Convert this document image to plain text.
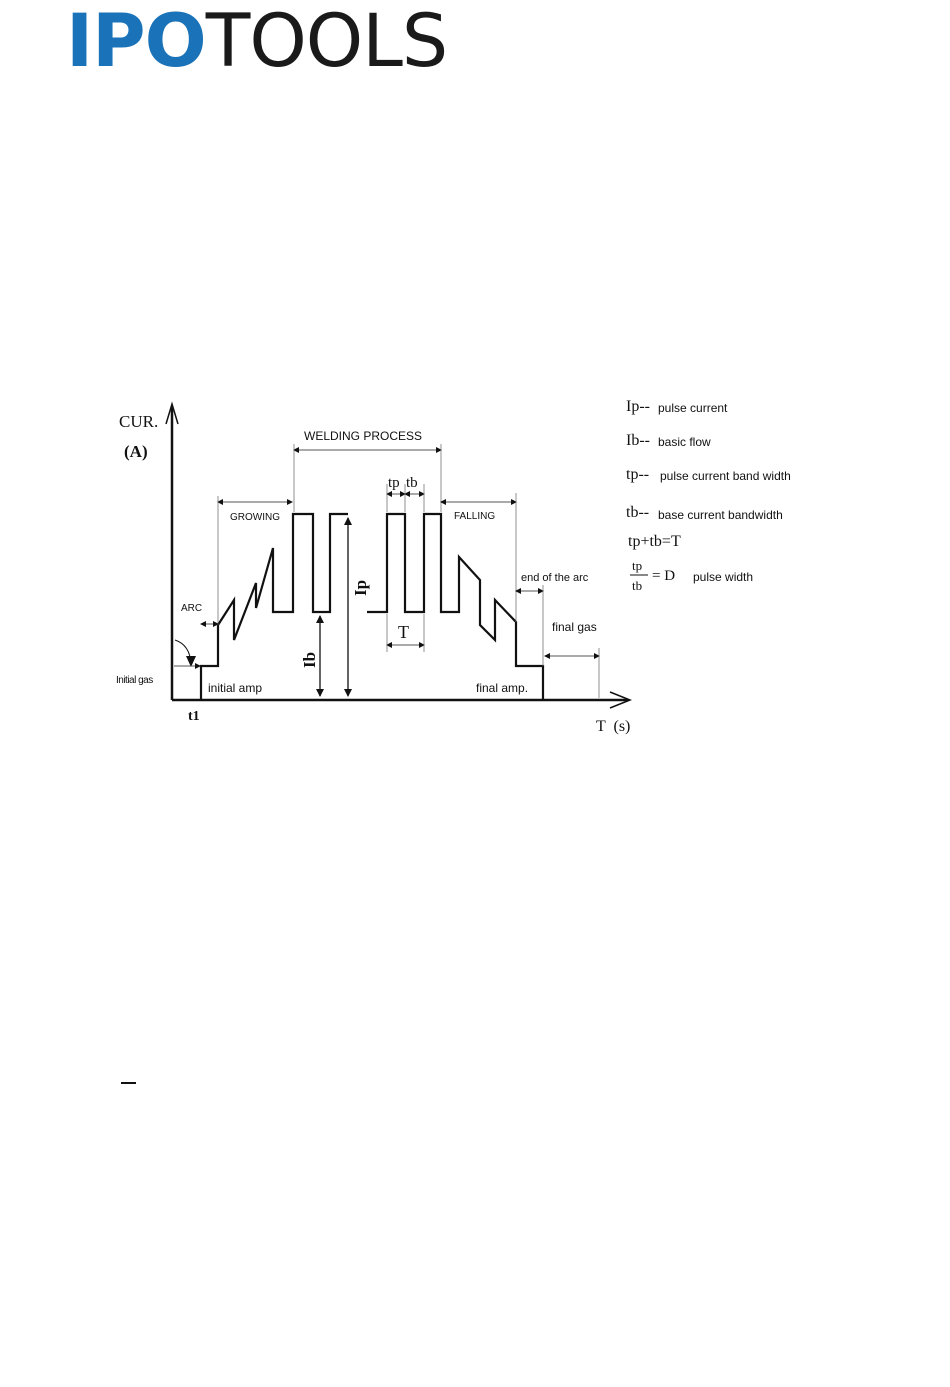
IPOTOOLS
WELDING PROCESS
GROWING	FALLING
tp tb
T
Ip
Ib
ARC
Initial gas
t1
initial amp	final amp.
end of the arc
final gas
CUR.
(A)
T  (s)
Ip-- pulse current
Ib-- basic flow
tp-- pulse current band width
tb-- base current bandwidth
tp+tb=T
tp
tb
= D pulse width
